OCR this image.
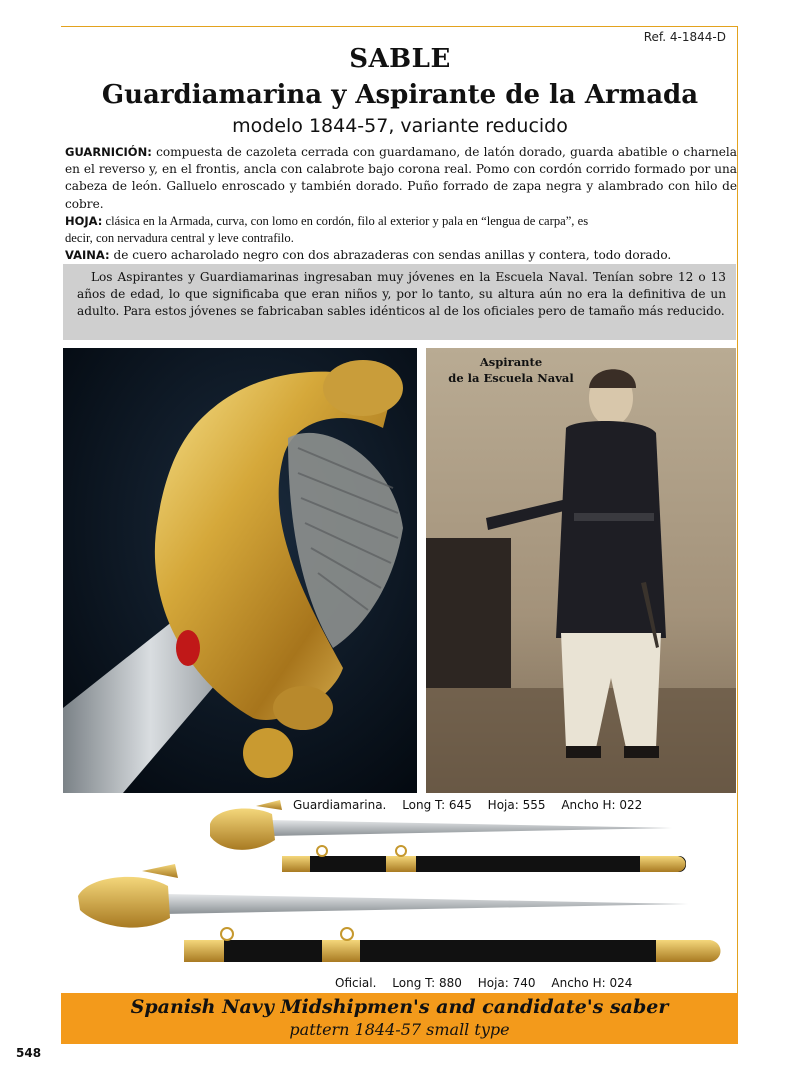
Ref. 4-1844-D
SABLE
Guardiamarina y Aspirante de la Armada
modelo 1844-57, variante reducido

GUARNICIÓN: compuesta de cazoleta cerrada con guardamano, de latón dorado, guarda abatible o charnela en el reverso y, en el frontis, ancla con calabrote bajo corona real. Pomo con cordón corrido formado por una cabeza de león. Galluelo enroscado y también dorado. Puño forrado de zapa negra y alambrado con hilo de cobre.

HOJA: clásica en la Armada, curva, con lomo en cordón, filo al exterior y pala en “lengua de carpa”, es
decir, con nervadura central y leve contrafilo.

VAINA: de cuero acharolado negro con dos abrazaderas con sendas anillas y contera, todo dorado.

Los Aspirantes y Guardiamarinas ingresaban muy jóvenes en la Escuela Naval. Tenían sobre 12 o 13 años de edad, lo que significaba que eran niños y, por lo tanto, su altura aún no era la definitiva de un adulto. Para estos jóvenes se fabricaban sables idénticos al de los oficiales pero de tamaño más reducido.
Aspirante
de la Escuela Naval
Guardiamarina. Long T: 645 Hoja: 555 Ancho H: 022
Oficial. Long T: 880 Hoja: 740 Ancho H: 024
Spanish Navy Midshipmen's and candidate's saber
pattern 1844-57 small type
548
